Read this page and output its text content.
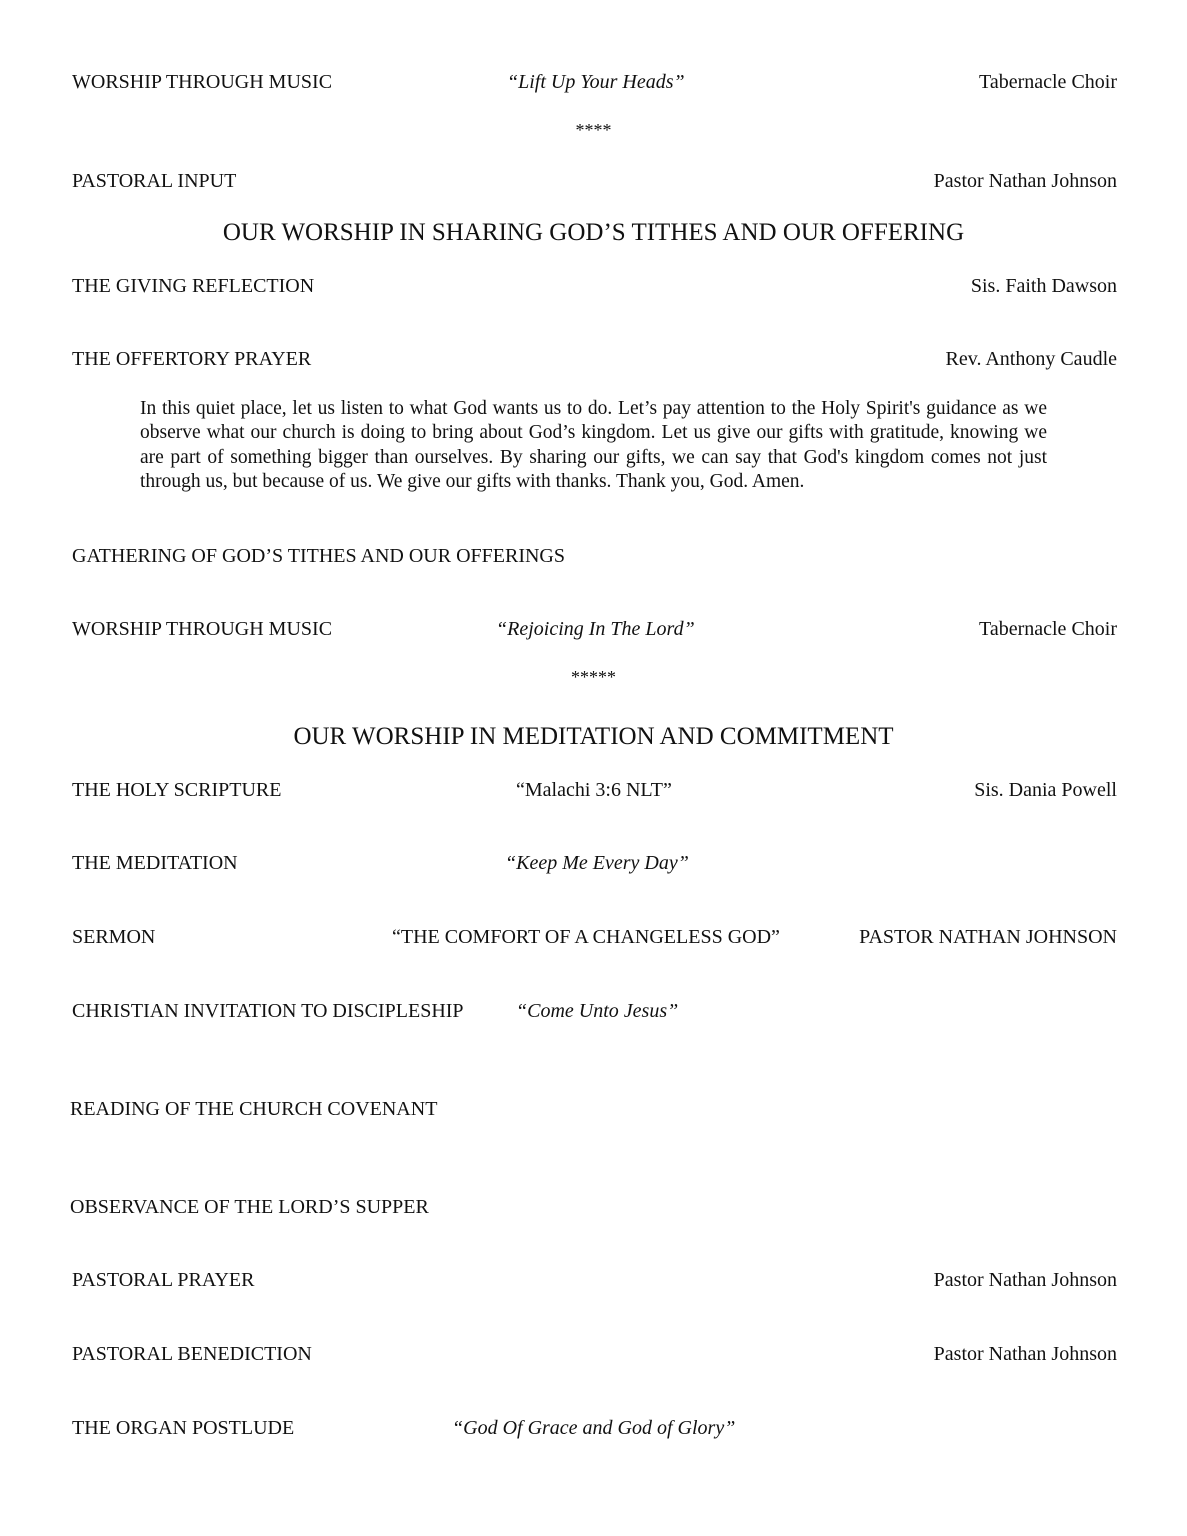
WORSHIP THROUGH MUSIC	“Lift Up Your Heads”	Tabernacle Choir
****
PASTORAL INPUT	Pastor Nathan Johnson
OUR WORSHIP IN SHARING GOD’S TITHES AND OUR OFFERING
THE GIVING REFLECTION	Sis. Faith Dawson
THE OFFERTORY PRAYER	Rev. Anthony Caudle
In this quiet place, let us listen to what God wants us to do. Let’s pay attention to the Holy Spirit's guidance as we observe what our church is doing to bring about God’s kingdom. Let us give our gifts with gratitude, knowing we are part of something bigger than ourselves. By sharing our gifts, we can say that God's kingdom comes not just through us, but because of us. We give our gifts with thanks. Thank you, God. Amen.
GATHERING OF GOD’S TITHES AND OUR OFFERINGS
WORSHIP THROUGH MUSIC	“Rejoicing In The Lord”	Tabernacle Choir
*****
OUR WORSHIP IN MEDITATION AND COMMITMENT
THE HOLY SCRIPTURE	“Malachi 3:6 NLT”	Sis. Dania Powell
THE MEDITATION	“Keep Me Every Day”
SERMON	“THE COMFORT OF A CHANGELESS GOD”	PASTOR NATHAN JOHNSON
CHRISTIAN INVITATION TO DISCIPLESHIP	“Come Unto Jesus”
READING OF THE CHURCH COVENANT
OBSERVANCE OF THE LORD’S SUPPER
PASTORAL PRAYER	Pastor Nathan Johnson
PASTORAL BENEDICTION	Pastor Nathan Johnson
THE ORGAN POSTLUDE	“God Of Grace and God of Glory”
